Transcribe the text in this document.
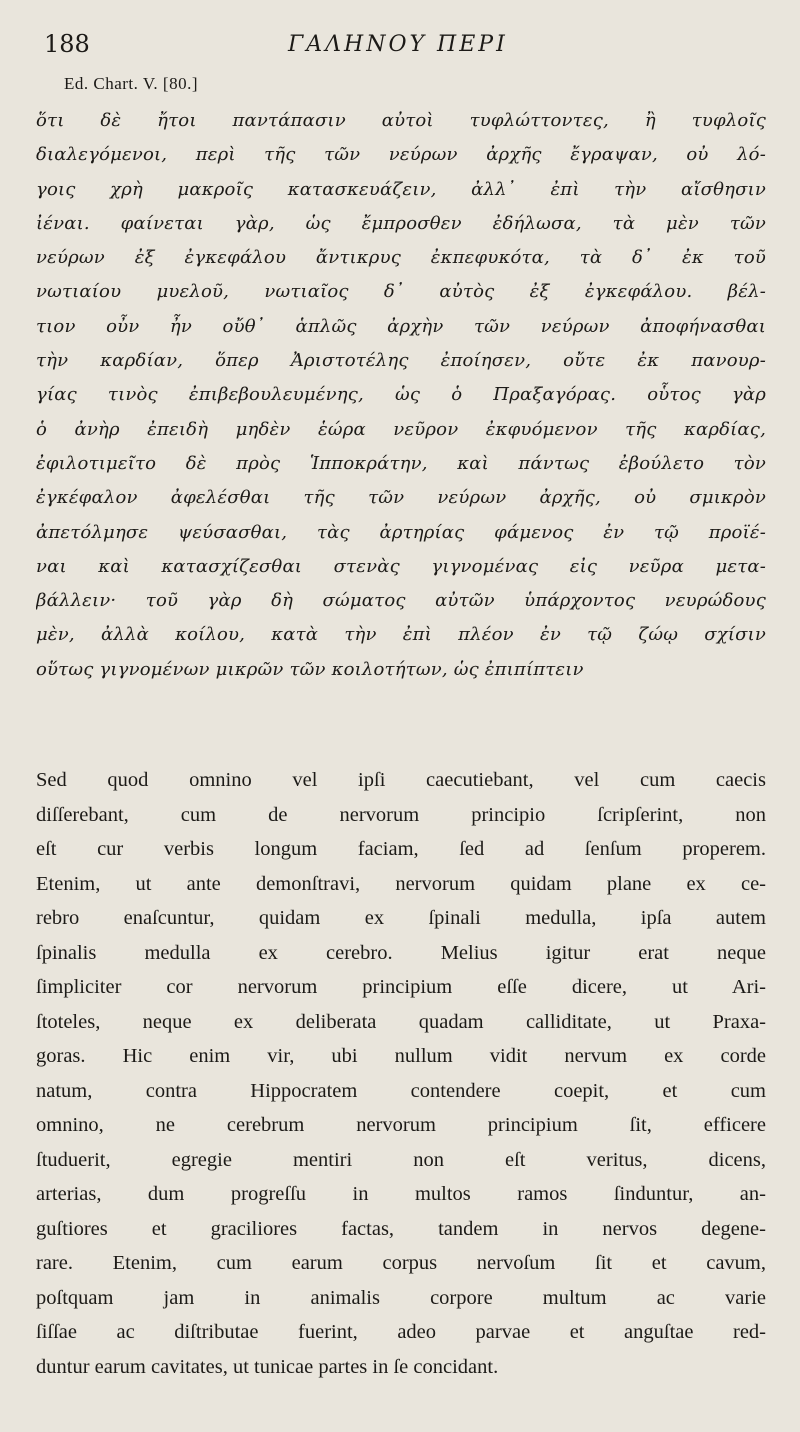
188	ΓΑΛΗΝΟΥ ΠΕΡΙ
Ed. Chart. V. [80.]
ὅτι δὲ ἤτοι παντάπασιν αὐτοὶ τυφλώττοντες, ἢ τυφλοῖς
διαλεγόμενοι, περὶ τῆς τῶν νεύρων ἀρχῆς ἔγραψαν, οὐ λό-
γοις χρὴ μακροῖς κατασκευάζειν, ἀλλ᾽ ἐπὶ τὴν αἴσθησιν
ἰέναι. φαίνεται γὰρ, ὡς ἔμπροσθεν ἐδήλωσα, τὰ μὲν τῶν
νεύρων ἐξ ἐγκεφάλου ἄντικρυς ἐκπεφυκότα, τὰ δ᾽ ἐκ τοῦ
νωτιαίου μυελοῦ, νωτιαῖος δ᾽ αὐτὸς ἐξ ἐγκεφάλου. βέλ-
τιον οὖν ἦν οὔθ᾽ ἁπλῶς ἀρχὴν τῶν νεύρων ἀποφήνασθαι
τὴν καρδίαν, ὅπερ Ἀριστοτέλης ἐποίησεν, οὔτε ἐκ πανουρ-
γίας τινὸς ἐπιβεβουλευμένης, ὡς ὁ Πραξαγόρας. οὗτος γὰρ
ὁ ἀνὴρ ἐπειδὴ μηδὲν ἑώρα νεῦρον ἐκφυόμενον τῆς καρδίας,
ἐφιλοτιμεῖτο δὲ πρὸς Ἱπποκράτην, καὶ πάντως ἐβούλετο τὸν
ἐγκέφαλον ἀφελέσθαι τῆς τῶν νεύρων ἀρχῆς, οὐ σμικρὸν
ἀπετόλμησε ψεύσασθαι, τὰς ἀρτηρίας φάμενος ἐν τῷ προϊέ-
ναι καὶ κατασχίζεσθαι στενὰς γιγνομένας εἰς νεῦρα μετα-
βάλλειν· τοῦ γὰρ δὴ σώματος αὐτῶν ὑπάρχοντος νευρώδους
μὲν, ἀλλὰ κοίλου, κατὰ τὴν ἐπὶ πλέον ἐν τῷ ζώῳ σχίσιν
οὕτως γιγνομένων μικρῶν τῶν κοιλοτήτων, ὡς ἐπιπίπτειν
Sed quod omnino vel ipſi caecutiebant, vel cum caecis
diſſerebant, cum de nervorum principio ſcripſerint, non
eſt cur verbis longum faciam, ſed ad ſenſum properem.
Etenim, ut ante demonſtravi, nervorum quidam plane ex ce-
rebro enaſcuntur, quidam ex ſpinali medulla, ipſa autem
ſpinalis medulla ex cerebro. Melius igitur erat neque
ſimpliciter cor nervorum principium eſſe dicere, ut Ari-
ſtoteles, neque ex deliberata quadam calliditate, ut Praxa-
goras. Hic enim vir, ubi nullum vidit nervum ex corde
natum, contra Hippocratem contendere coepit, et cum
omnino, ne cerebrum nervorum principium ſit, efficere
ſtuduerit, egregie mentiri non eſt veritus, dicens,
arterias, dum progreſſu in multos ramos ſinduntur, an-
guſtiores et graciliores factas, tandem in nervos degene-
rare. Etenim, cum earum corpus nervoſum ſit et cavum,
poſtquam jam in animalis corpore multum ac varie
ſiſſae ac diſtributae fuerint, adeo parvae et anguſtae red-
duntur earum cavitates, ut tunicae partes in ſe concidant.
